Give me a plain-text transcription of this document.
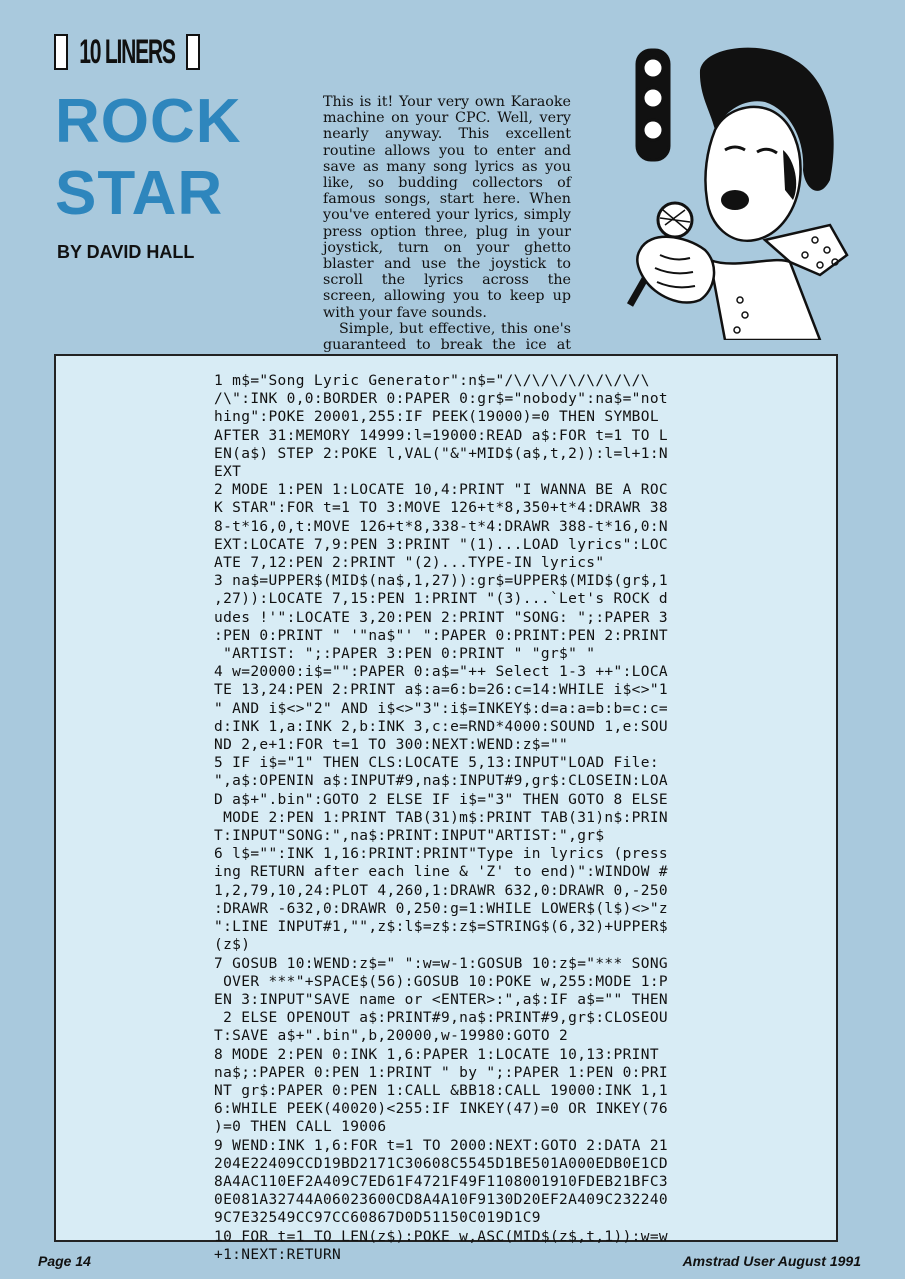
10 LINERS
ROCK
STAR
BY DAVID HALL

This is it! Your very own Karaoke machine on your CPC. Well, very nearly anyway. This excellent routine allows you to enter and save as many song lyrics as you like, so budding collectors of famous songs, start here. When you've entered your lyrics, simply press option three, plug in your joystick, turn on your ghetto blaster and use the joystick to scroll the lyrics across the screen, allowing you to keep up with your fave sounds.

Simple, but effective, this one's guaranteed to break the ice at

1 m$="Song Lyric Generator":n$="/\/\/\/\/\/\/\/\
/\":INK 0,0:BORDER 0:PAPER 0:gr$="nobody":na$="not
hing":POKE 20001,255:IF PEEK(19000)=0 THEN SYMBOL
AFTER 31:MEMORY 14999:l=19000:READ a$:FOR t=1 TO L
EN(a$) STEP 2:POKE l,VAL("&"+MID$(a$,t,2)):l=l+1:N
EXT
2 MODE 1:PEN 1:LOCATE 10,4:PRINT "I WANNA BE A ROC
K STAR":FOR t=1 TO 3:MOVE 126+t*8,350+t*4:DRAWR 38
8-t*16,0,t:MOVE 126+t*8,338-t*4:DRAWR 388-t*16,0:N
EXT:LOCATE 7,9:PEN 3:PRINT "(1)...LOAD lyrics":LOC
ATE 7,12:PEN 2:PRINT "(2)...TYPE-IN lyrics"
3 na$=UPPER$(MID$(na$,1,27)):gr$=UPPER$(MID$(gr$,1
,27)):LOCATE 7,15:PEN 1:PRINT "(3)...`Let's ROCK d
udes !'":LOCATE 3,20:PEN 2:PRINT "SONG: ";:PAPER 3
:PEN 0:PRINT " '"na$"' ":PAPER 0:PRINT:PEN 2:PRINT
"ARTIST: ";:PAPER 3:PEN 0:PRINT " "gr$" "
4 w=20000:i$="":PAPER 0:a$="++ Select 1-3 ++":LOCA
TE 13,24:PEN 2:PRINT a$:a=6:b=26:c=14:WHILE i$<>"1
" AND i$<>"2" AND i$<>"3":i$=INKEY$:d=a:a=b:b=c:c=
d:INK 1,a:INK 2,b:INK 3,c:e=RND*4000:SOUND 1,e:SOU
ND 2,e+1:FOR t=1 TO 300:NEXT:WEND:z$=""
5 IF i$="1" THEN CLS:LOCATE 5,13:INPUT"LOAD File:
",a$:OPENIN a$:INPUT#9,na$:INPUT#9,gr$:CLOSEIN:LOA
D a$+".bin":GOTO 2 ELSE IF i$="3" THEN GOTO 8 ELSE
MODE 2:PEN 1:PRINT TAB(31)m$:PRINT TAB(31)n$:PRIN
T:INPUT"SONG:",na$:PRINT:INPUT"ARTIST:",gr$
6 l$="":INK 1,16:PRINT:PRINT"Type in lyrics (press
ing RETURN after each line & 'Z' to end)":WINDOW #
1,2,79,10,24:PLOT 4,260,1:DRAWR 632,0:DRAWR 0,-250
:DRAWR -632,0:DRAWR 0,250:g=1:WHILE LOWER$(l$)<>"z
":LINE INPUT#1,"",z$:l$=z$:z$=STRING$(6,32)+UPPER$
(z$)
7 GOSUB 10:WEND:z$=" ":w=w-1:GOSUB 10:z$="*** SONG
OVER ***"+SPACE$(56):GOSUB 10:POKE w,255:MODE 1:P
EN 3:INPUT"SAVE name or <ENTER>:",a$:IF a$="" THEN
2 ELSE OPENOUT a$:PRINT#9,na$:PRINT#9,gr$:CLOSEOU
T:SAVE a$+".bin",b,20000,w-19980:GOTO 2
8 MODE 2:PEN 0:INK 1,6:PAPER 1:LOCATE 10,13:PRINT
na$;:PAPER 0:PEN 1:PRINT " by ";:PAPER 1:PEN 0:PRI
NT gr$:PAPER 0:PEN 1:CALL &BB18:CALL 19000:INK 1,1
6:WHILE PEEK(40020)<255:IF INKEY(47)=0 OR INKEY(76
)=0 THEN CALL 19006
9 WEND:INK 1,6:FOR t=1 TO 2000:NEXT:GOTO 2:DATA 21
204E22409CCD19BD2171C30608C5545D1BE501A000EDB0E1CD
8A4AC110EF2A409C7ED61F4721F49F1108001910FDEB21BFC3
0E081A32744A06023600CD8A4A10F9130D20EF2A409C232240
9C7E32549CC97CC60867D0D51150C019D1C9
10 FOR t=1 TO LEN(z$):POKE w,ASC(MID$(z$,t,1)):w=w
+1:NEXT:RETURN
Page 14	Amstrad User August 1991
